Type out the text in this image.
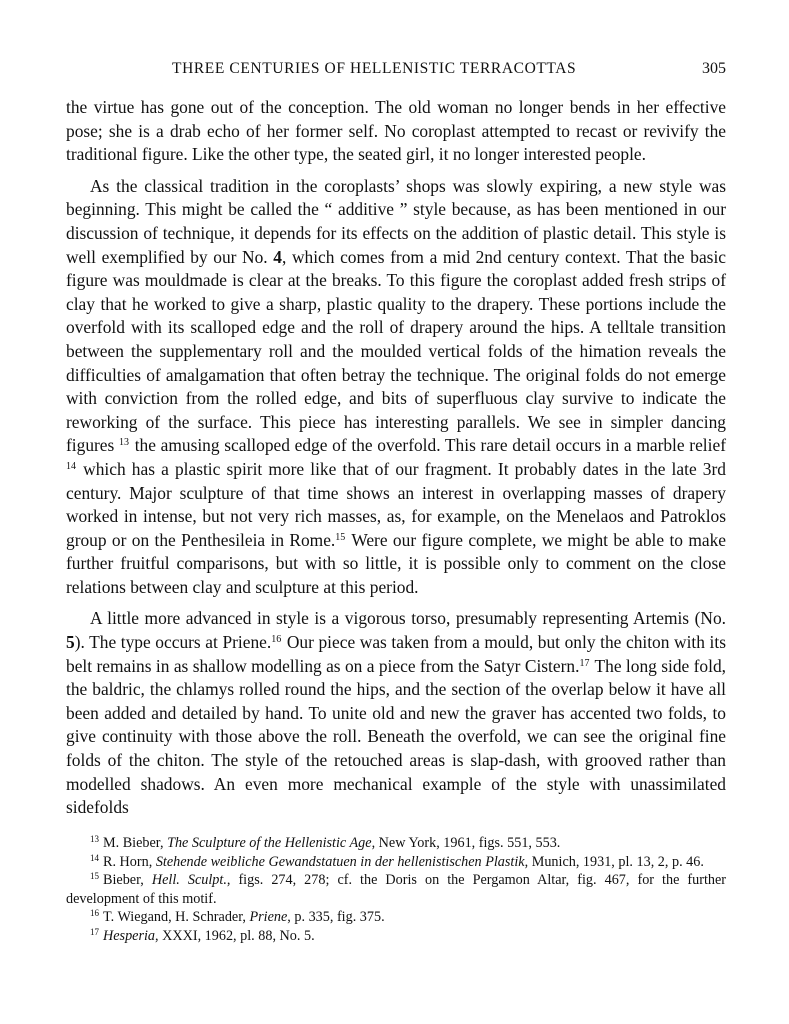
THREE CENTURIES OF HELLENISTIC TERRACOTTAS	305

the virtue has gone out of the conception. The old woman no longer bends in her effective pose; she is a drab echo of her former self. No coroplast attempted to recast or revivify the traditional figure. Like the other type, the seated girl, it no longer interested people.

As the classical tradition in the coroplasts’ shops was slowly expiring, a new style was beginning. This might be called the “ additive ” style because, as has been mentioned in our discussion of technique, it depends for its effects on the addition of plastic detail. This style is well exemplified by our No. 4, which comes from a mid 2nd century context. That the basic figure was mouldmade is clear at the breaks. To this figure the coroplast added fresh strips of clay that he worked to give a sharp, plastic quality to the drapery. These portions include the overfold with its scalloped edge and the roll of drapery around the hips. A telltale transition between the supplementary roll and the moulded vertical folds of the himation reveals the difficulties of amalgamation that often betray the technique. The original folds do not emerge with conviction from the rolled edge, and bits of superfluous clay survive to indicate the reworking of the surface. This piece has interesting parallels. We see in simpler dancing figures $^{13}$ the amusing scalloped edge of the overfold. This rare detail occurs in a marble relief $^{14}$ which has a plastic spirit more like that of our fragment. It probably dates in the late 3rd century. Major sculpture of that time shows an interest in overlapping masses of drapery worked in intense, but not very rich masses, as, for example, on the Menelaos and Patroklos group or on the Penthesileia in Rome.$^{15}$ Were our figure complete, we might be able to make further fruitful comparisons, but with so little, it is possible only to comment on the close relations between clay and sculpture at this period.

A little more advanced in style is a vigorous torso, presumably representing Artemis (No. 5). The type occurs at Priene.$^{16}$ Our piece was taken from a mould, but only the chiton with its belt remains in as shallow modelling as on a piece from the Satyr Cistern.$^{17}$ The long side fold, the baldric, the chlamys rolled round the hips, and the section of the overlap below it have all been added and detailed by hand. To unite old and new the graver has accented two folds, to give continuity with those above the roll. Beneath the overfold, we can see the original fine folds of the chiton. The style of the retouched areas is slap-dash, with grooved rather than modelled shadows. An even more mechanical example of the style with unassimilated sidefolds

$^{13}$ M. Bieber, The Sculpture of the Hellenistic Age, New York, 1961, figs. 551, 553.

$^{14}$ R. Horn, Stehende weibliche Gewandstatuen in der hellenistischen Plastik, Munich, 1931, pl. 13, 2, p. 46.

$^{15}$ Bieber, Hell. Sculpt., figs. 274, 278; cf. the Doris on the Pergamon Altar, fig. 467, for the further development of this motif.

$^{16}$ T. Wiegand, H. Schrader, Priene, p. 335, fig. 375.

$^{17}$ Hesperia, XXXI, 1962, pl. 88, No. 5.
